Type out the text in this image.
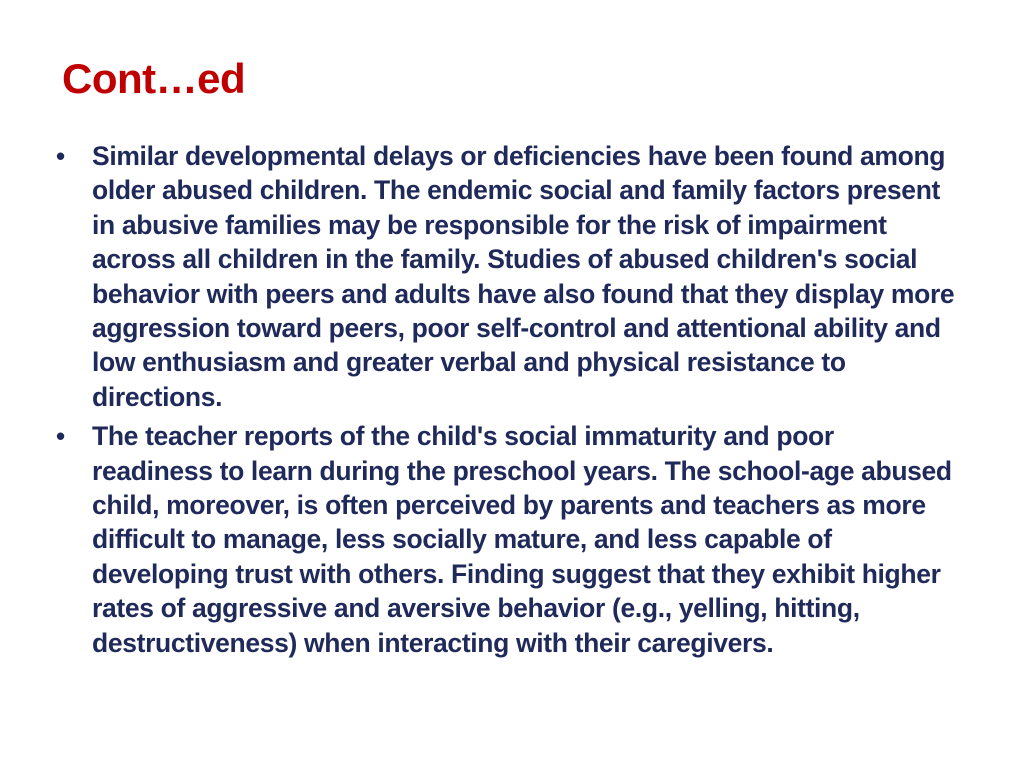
Cont…ed
•	Similar developmental delays or deficiencies have been found among older abused children. The endemic social and family factors present in abusive families may be responsible for the risk of impairment across all children in the family. Studies of abused children's social behavior with peers and adults have also found that they display more aggression toward peers, poor self-control and attentional ability and low enthusiasm and greater verbal and physical resistance to directions.
•	The teacher reports of the child's social immaturity and poor readiness to learn during the preschool years. The school-age abused child, moreover, is often perceived by parents and teachers as more difficult to manage, less socially mature, and less capable of developing trust with others. Finding suggest that they exhibit higher rates of aggressive and aversive behavior (e.g., yelling, hitting, destructiveness) when interacting with their caregivers.
